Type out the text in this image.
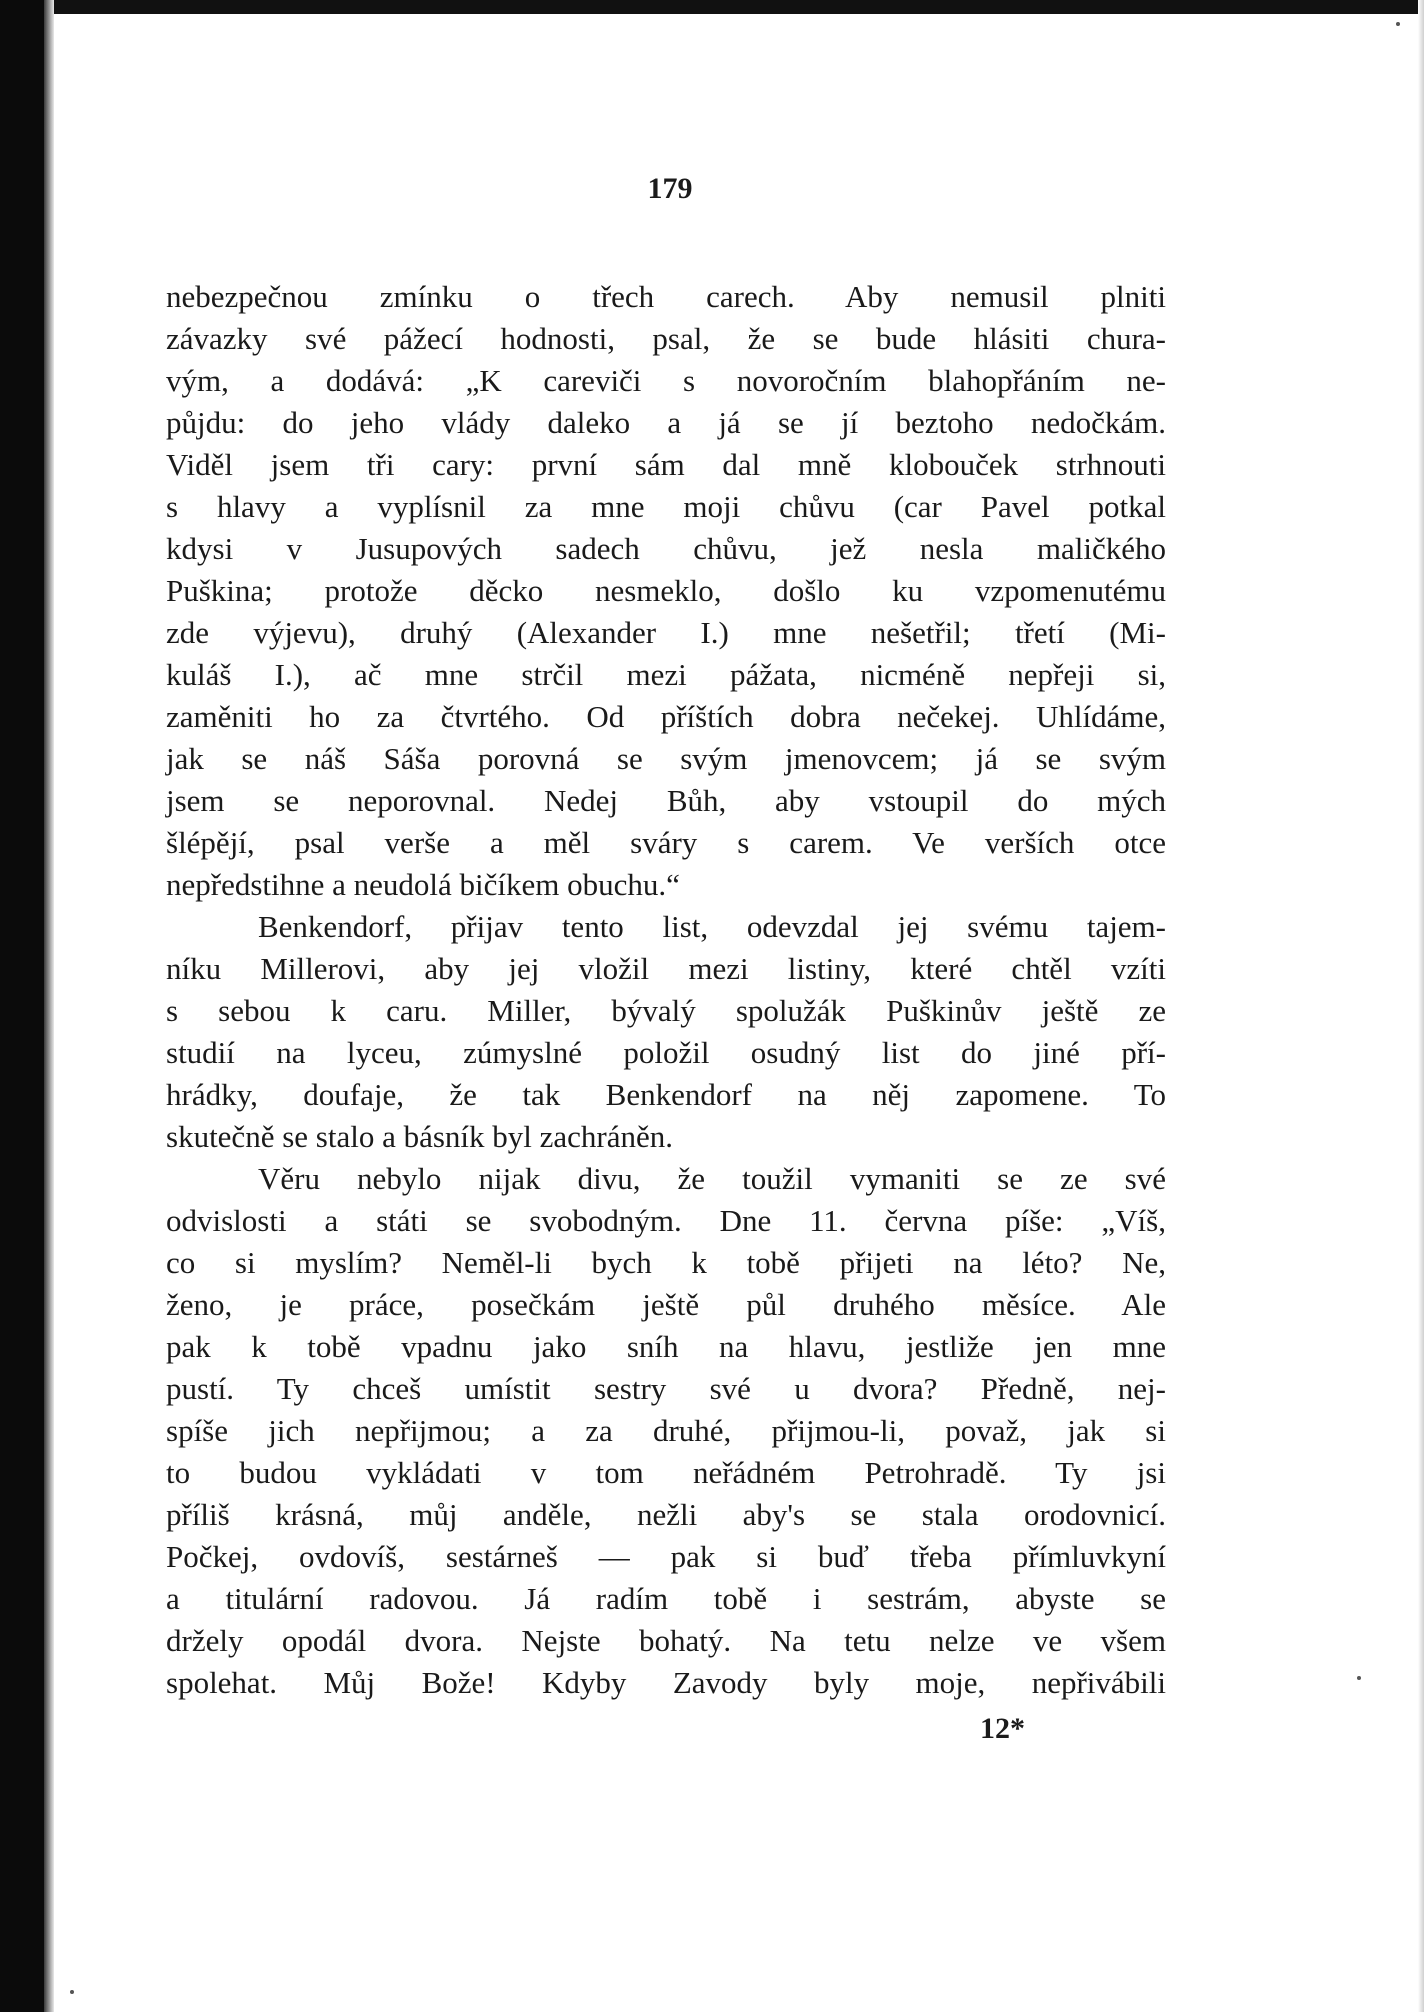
179
nebezpečnou zmínku o třech carech. Aby nemusil plniti
závazky své pážecí hodnosti, psal, že se bude hlásiti chura-
vým, a dodává: „K careviči s novoročním blahopřáním ne-
půjdu: do jeho vlády daleko a já se jí beztoho nedočkám.
Viděl jsem tři cary: první sám dal mně klobouček strhnouti
s hlavy a vyplísnil za mne moji chůvu (car Pavel potkal
kdysi v Jusupových sadech chůvu, jež nesla maličkého
Puškina; protože děcko nesmeklo, došlo ku vzpomenutému
zde výjevu), druhý (Alexander I.) mne nešetřil; třetí (Mi-
kuláš I.), ač mne strčil mezi pážata, nicméně nepřeji si,
zaměniti ho za čtvrtého. Od příštích dobra nečekej. Uhlídáme,
jak se náš Sáša porovná se svým jmenovcem; já se svým
jsem se neporovnal. Nedej Bůh, aby vstoupil do mých
šlépějí, psal verše a měl sváry s carem. Ve verších otce
nepředstihne a neudolá bičíkem obuchu.“
Benkendorf, přijav tento list, odevzdal jej svému tajem-
níku Millerovi, aby jej vložil mezi listiny, které chtěl vzíti
s sebou k caru. Miller, bývalý spolužák Puškinův ještě ze
studií na lyceu, zúmyslné položil osudný list do jiné pří-
hrádky, doufaje, že tak Benkendorf na něj zapomene. To
skutečně se stalo a básník byl zachráněn.
Věru nebylo nijak divu, že toužil vymaniti se ze své
odvislosti a státi se svobodným. Dne 11. června píše: „Víš,
co si myslím? Neměl-li bych k tobě přijeti na léto? Ne,
ženo, je práce, posečkám ještě půl druhého měsíce. Ale
pak k tobě vpadnu jako sníh na hlavu, jestliže jen mne
pustí. Ty chceš umístit sestry své u dvora? Předně, nej-
spíše jich nepřijmou; a za druhé, přijmou-li, považ, jak si
to budou vykládati v tom neřádném Petrohradě. Ty jsi
příliš krásná, můj anděle, nežli aby's se stala orodovnicí.
Počkej, ovdovíš, sestárneš — pak si buď třeba přímluvkyní
a titulární radovou. Já radím tobě i sestrám, abyste se
držely opodál dvora. Nejste bohatý. Na tetu nelze ve všem
spolehat. Můj Bože! Kdyby Zavody byly moje, nepřivábili
12*
